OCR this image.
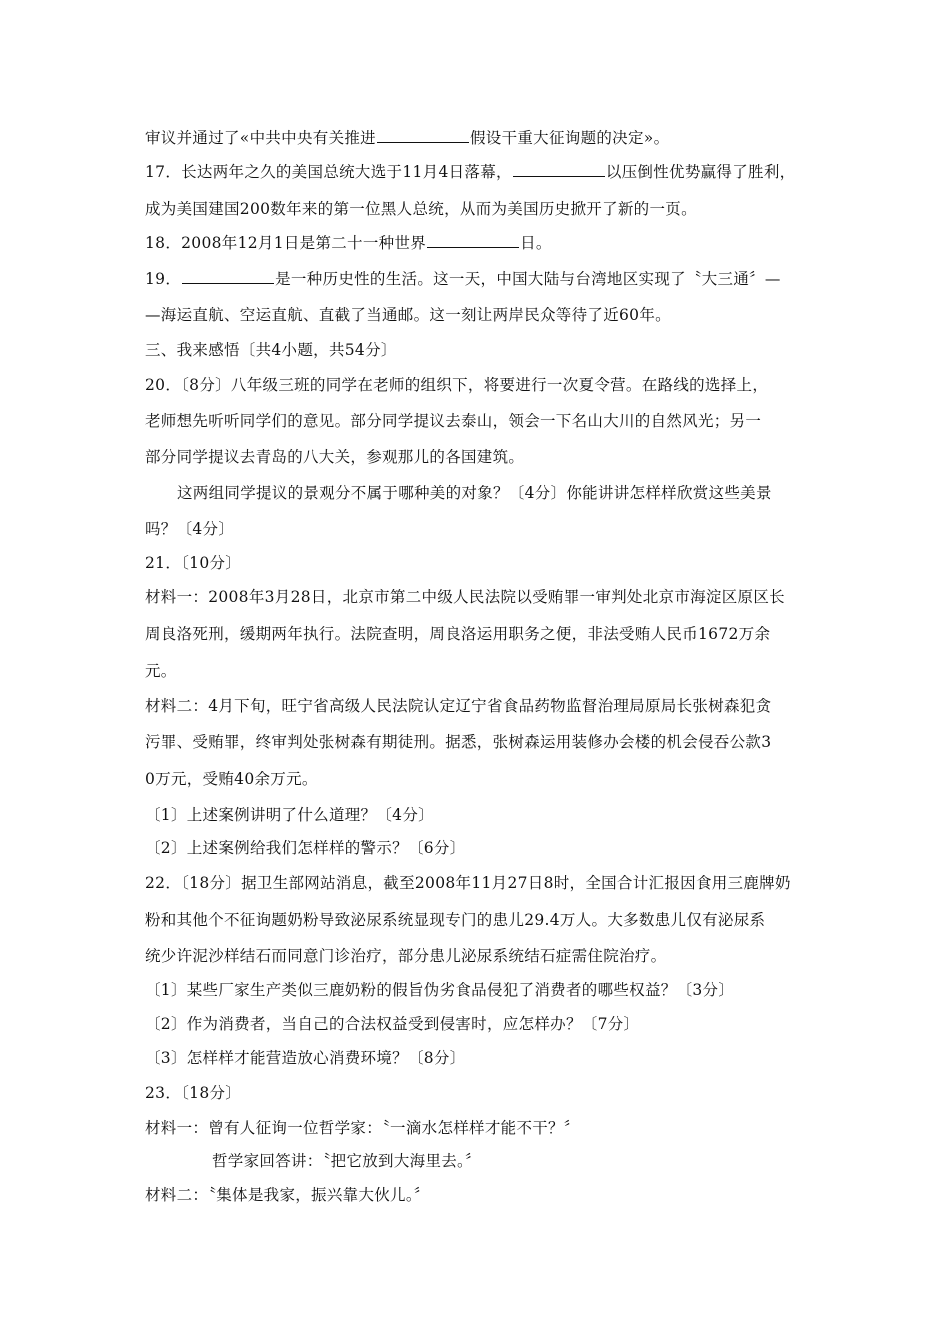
审议并通过了«中共中央有关推进	假设干重大征询题的决定»。
17．长达两年之久的美国总统大选于11月4日落幕，	以压倒性优势赢得了胜利，
成为美国建国200数年来的第一位黑人总统，从而为美国历史掀开了新的一页。
18．2008年12月1日是第二十一种世界	日。
19．	是一种历史性的生活。这一天，中国大陆与台湾地区实现了〝大三通〞—
—海运直航、空运直航、直截了当通邮。这一刻让两岸民众等待了近60年。
三、我来感悟〔共4小题，共54分〕
20．〔8分〕八年级三班的同学在老师的组织下，将要进行一次夏令营。在路线的选择上，
老师想先听听同学们的意见。部分同学提议去泰山，领会一下名山大川的自然风光；另一
部分同学提议去青岛的八大关，参观那儿的各国建筑。
这两组同学提议的景观分不属于哪种美的对象？〔4分〕你能讲讲怎样样欣赏这些美景
吗？〔4分〕
21．〔10分〕
材料一：2008年3月28日，北京市第二中级人民法院以受贿罪一审判处北京市海淀区原区长
周良洛死刑，缓期两年执行。法院查明，周良洛运用职务之便，非法受贿人民币1672万余
元。
材料二：4月下旬，旺宁省高级人民法院认定辽宁省食品药物监督治理局原局长张树森犯贪
污罪、受贿罪，终审判处张树森有期徒刑。据悉，张树森运用装修办会楼的机会侵吞公款3
0万元，受贿40余万元。
〔1〕上述案例讲明了什么道理？〔4分〕
〔2〕上述案例给我们怎样样的警示？〔6分〕
22．〔18分〕据卫生部网站消息，截至2008年11月27日8时，全国合计汇报因食用三鹿牌奶
粉和其他个不征询题奶粉导致泌尿系统显现专门的患儿29.4万人。大多数患儿仅有泌尿系
统少许泥沙样结石而同意门诊治疗，部分患儿泌尿系统结石症需住院治疗。
〔1〕某些厂家生产类似三鹿奶粉的假旨伪劣食品侵犯了消费者的哪些权益？〔3分〕
〔2〕作为消费者，当自己的合法权益受到侵害时，应怎样办？〔7分〕
〔3〕怎样样才能营造放心消费环境？〔8分〕
23．〔18分〕
材料一：曾有人征询一位哲学家：〝一滴水怎样样才能不干？〞
哲学家回答讲：〝把它放到大海里去。〞
材料二：〝集体是我家，振兴靠大伙儿。〞
